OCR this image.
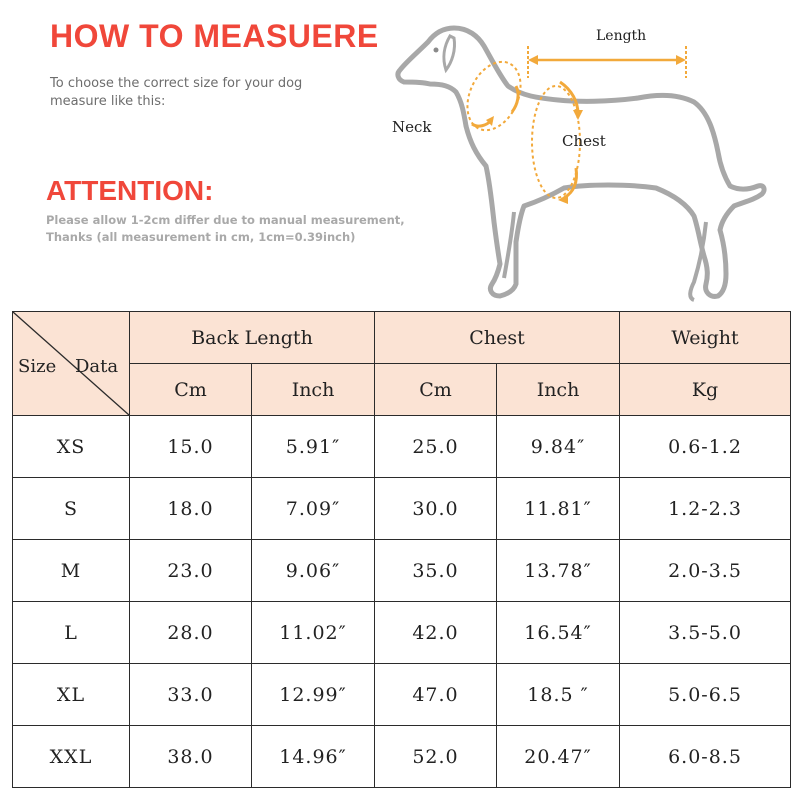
HOW TO MEASUERE

To choose the correct size for your dog
measure like this:

ATTENTION:

Please allow 1-2cm differ due to manual measurement,
Thanks (all measurement in cm, 1cm=0.39inch)

Length
Neck
Chest
Size Data	Back Length		Chest		Weight
	Cm	Inch	Cm	Inch	Kg
XS	15.0	5.91″	25.0	9.84″	0.6-1.2
S	18.0	7.09″	30.0	11.81″	1.2-2.3
M	23.0	9.06″	35.0	13.78″	2.0-3.5
L	28.0	11.02″	42.0	16.54″	3.5-5.0
XL	33.0	12.99″	47.0	18.5 ″	5.0-6.5
XXL	38.0	14.96″	52.0	20.47″	6.0-8.5
